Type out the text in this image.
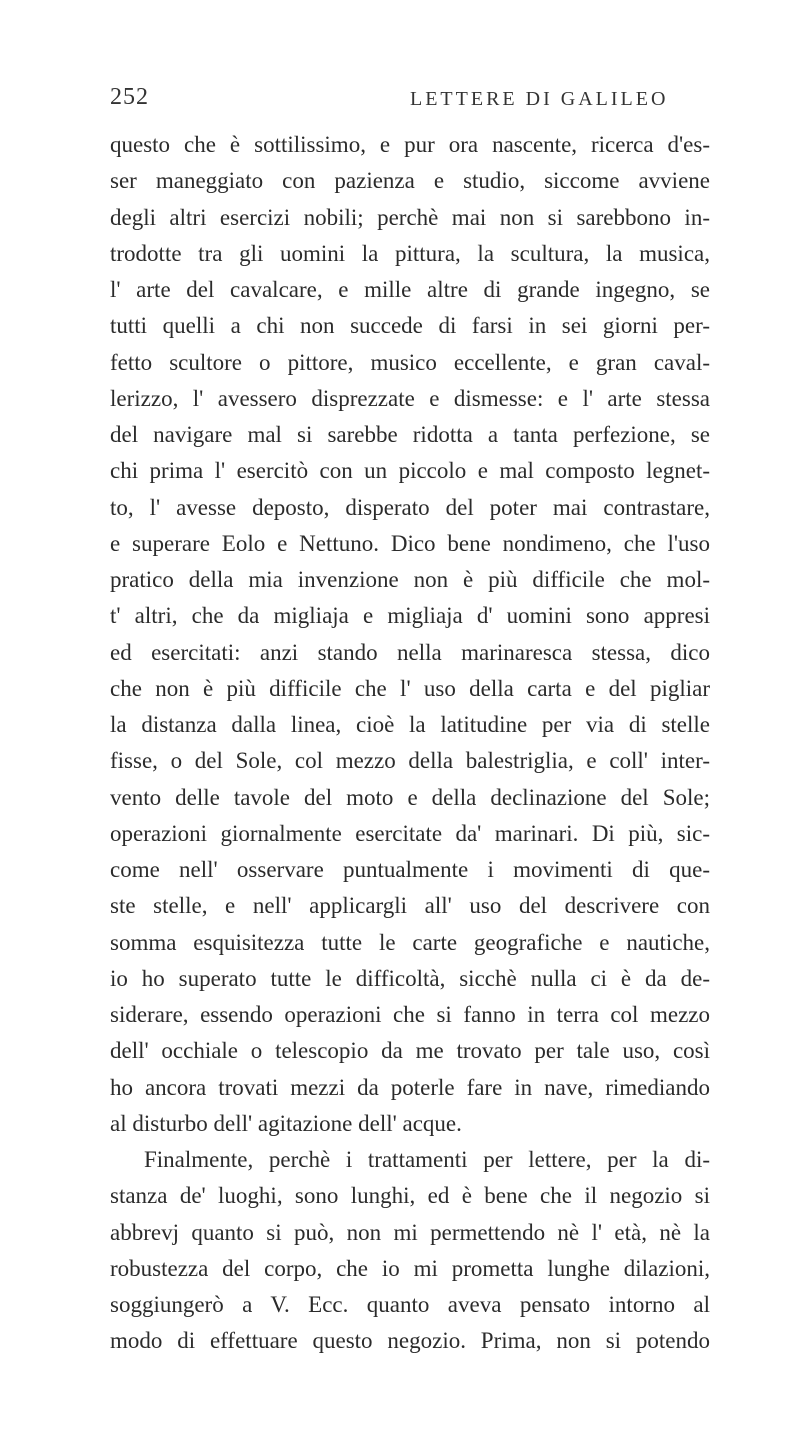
252	LETTERE DI GALILEO
questo che è sottilissimo, e pur ora nascente, ricerca d'es-
ser maneggiato con pazienza e studio, siccome avviene
degli altri esercizi nobili; perchè mai non si sarebbono in-
trodotte tra gli uomini la pittura, la scultura, la musica,
l' arte del cavalcare, e mille altre di grande ingegno, se
tutti quelli a chi non succede di farsi in sei giorni per-
fetto scultore o pittore, musico eccellente, e gran caval-
lerizzo, l' avessero disprezzate e dismesse: e l' arte stessa
del navigare mal si sarebbe ridotta a tanta perfezione, se
chi prima l' esercitò con un piccolo e mal composto legnet-
to, l' avesse deposto, disperato del poter mai contrastare,
e superare Eolo e Nettuno. Dico bene nondimeno, che l'uso
pratico della mia invenzione non è più difficile che mol-
t' altri, che da migliaja e migliaja d' uomini sono appresi
ed esercitati: anzi stando nella marinaresca stessa, dico
che non è più difficile che l' uso della carta e del pigliar
la distanza dalla linea, cioè la latitudine per via di stelle
fisse, o del Sole, col mezzo della balestriglia, e coll' inter-
vento delle tavole del moto e della declinazione del Sole;
operazioni giornalmente esercitate da' marinari. Di più, sic-
come nell' osservare puntualmente i movimenti di que-
ste stelle, e nell' applicargli all' uso del descrivere con
somma esquisitezza tutte le carte geografiche e nautiche,
io ho superato tutte le difficoltà, sicchè nulla ci è da de-
siderare, essendo operazioni che si fanno in terra col mezzo
dell' occhiale o telescopio da me trovato per tale uso, così
ho ancora trovati mezzi da poterle fare in nave, rimediando
al disturbo dell' agitazione dell' acque.
Finalmente, perchè i trattamenti per lettere, per la di-
stanza de' luoghi, sono lunghi, ed è bene che il negozio si
abbrevj quanto si può, non mi permettendo nè l' età, nè la
robustezza del corpo, che io mi prometta lunghe dilazioni,
soggiungerò a V. Ecc. quanto aveva pensato intorno al
modo di effettuare questo negozio. Prima, non si potendo
